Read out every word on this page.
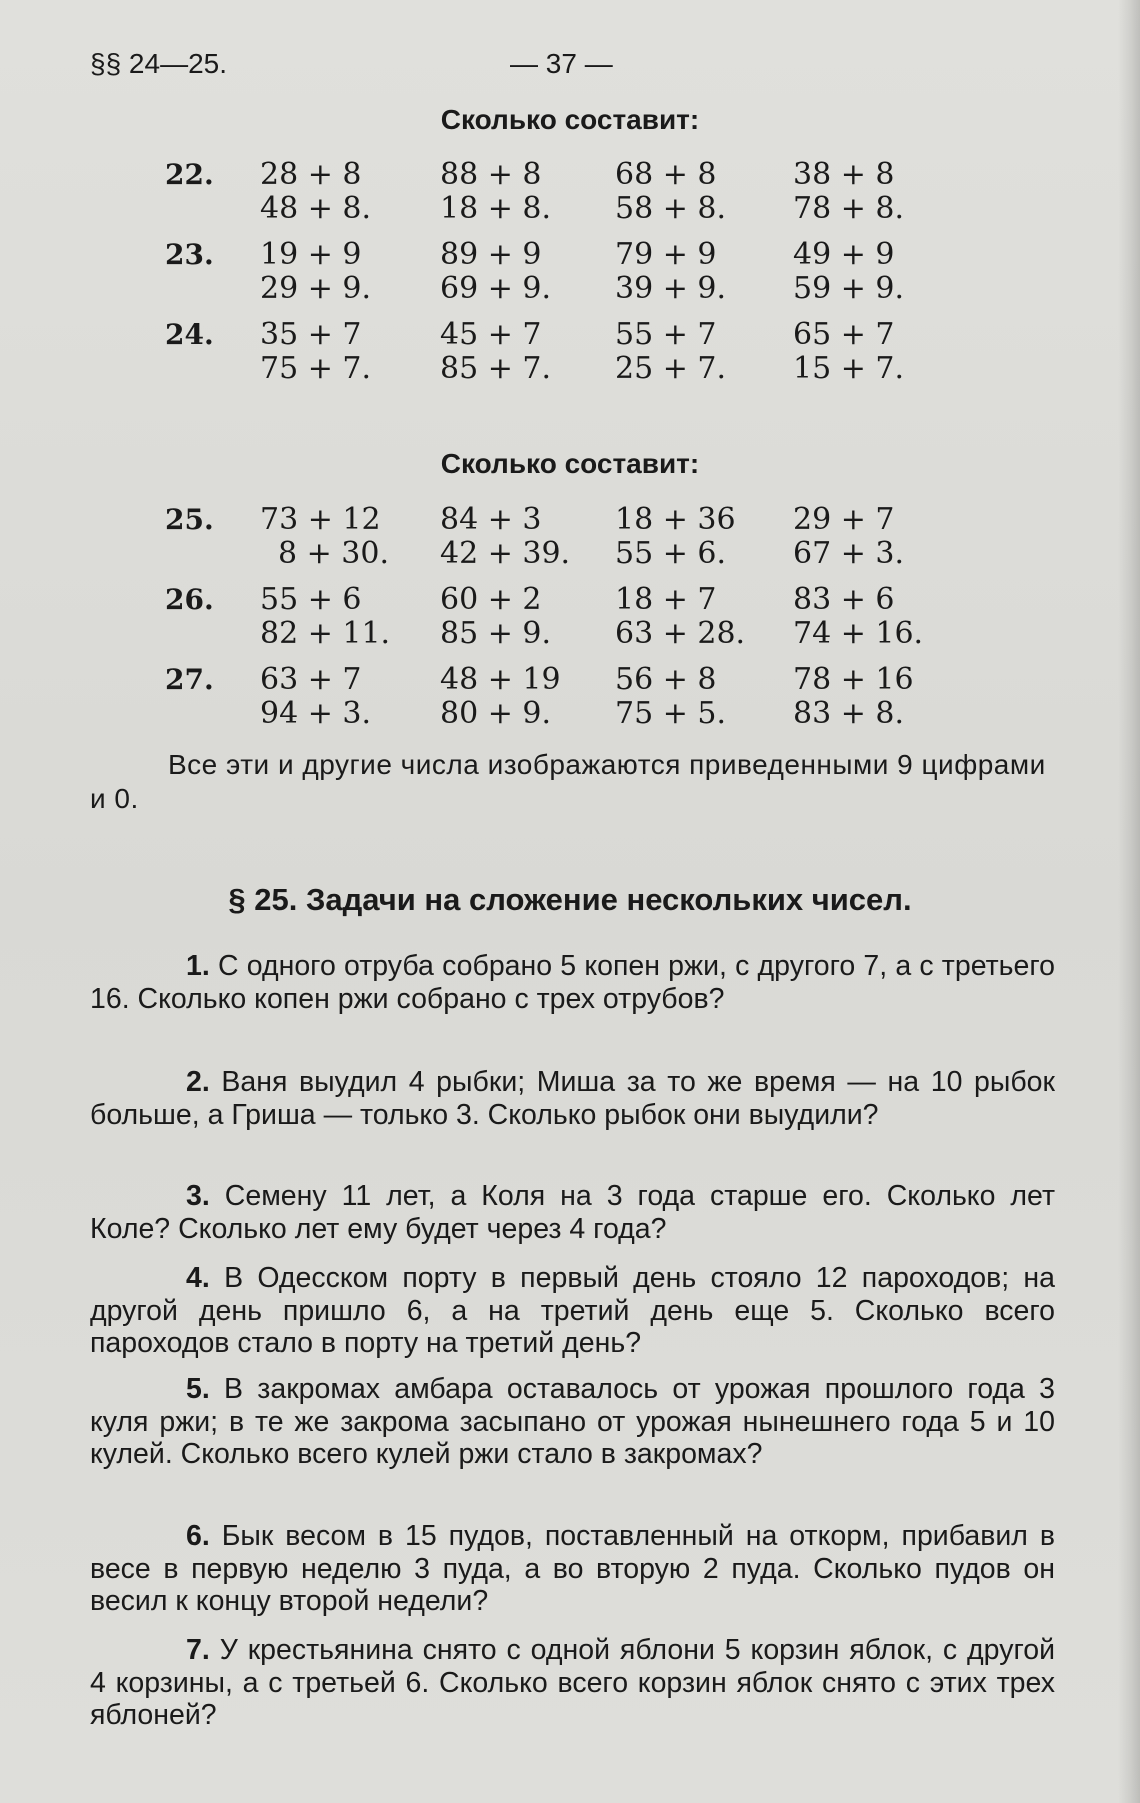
§§ 24—25.	— 37 —
Сколько составит:
22. 28 + 8
48 + 8.
88 + 8
18 + 8.
68 + 8
58 + 8.
38 + 8
78 + 8.
23. 19 + 9
29 + 9.
89 + 9
69 + 9.
79 + 9
39 + 9.
49 + 9
59 + 9.
24. 35 + 7
75 + 7.
45 + 7
85 + 7.
55 + 7
25 + 7.
65 + 7
15 + 7.
Сколько составит:
25. 73 + 12
8 + 30.
84 + 3
42 + 39.
18 + 36
55 + 6.
29 + 7
67 + 3.
26. 55 + 6
82 + 11.
60 + 2
85 + 9.
18 + 7
63 + 28.
83 + 6
74 + 16.
27. 63 + 7
94 + 3.
48 + 19
80 + 9.
56 + 8
75 + 5.
78 + 16
83 + 8.
Все эти и другие числа изображаются приведенными 9 цифрами и 0.
§ 25. Задачи на сложение нескольких чисел.
1. С одного отруба собрано 5 копен ржи, с другого 7, а с третьего 16. Сколько копен ржи собрано с трех отрубов?
2. Ваня выудил 4 рыбки; Миша за то же время — на 10 рыбок больше, а Гриша — только 3. Сколько рыбок они выудили?
3. Семену 11 лет, а Коля на 3 года старше его. Сколько лет Коле? Сколько лет ему будет через 4 года?
4. В Одесском порту в первый день стояло 12 пароходов; на другой день пришло 6, а на третий день еще 5. Сколько всего пароходов стало в порту на третий день?
5. В закромах амбара оставалось от урожая прошлого года 3 куля ржи; в те же закрома засыпано от урожая нынешнего года 5 и 10 кулей. Сколько всего кулей ржи стало в закромах?
6. Бык весом в 15 пудов, поставленный на откорм, прибавил в весе в первую неделю 3 пуда, а во вторую 2 пуда. Сколько пудов он весил к концу второй недели?
7. У крестьянина снято с одной яблони 5 корзин яблок, с другой 4 корзины, а с третьей 6. Сколько всего корзин яблок снято с этих трех яблоней?
